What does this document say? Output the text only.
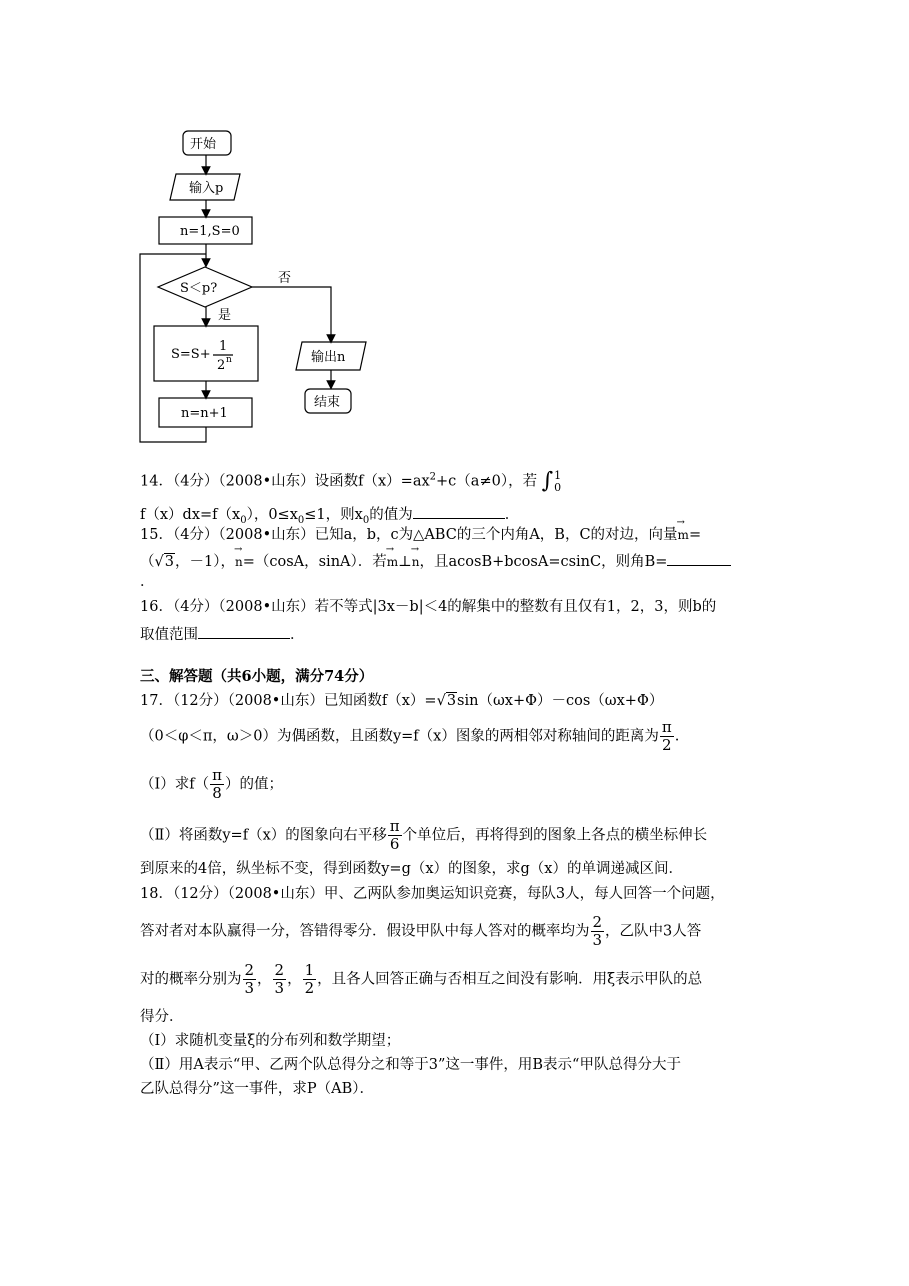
开始
输入p
n=1,S=0
S＜p?
否
是
S=S+
1
2 n
n=n+1
输出n
结束
14．（4分）（2008•山东）设函数$f(x)=ax^2+c(a\ne 0)$，若 ∫ 1
0
$f(x)dx=f(x_0)$，$0\le x_0\le 1$，则$x_0$的值为	．
15．（4分）（2008•山东）已知a，b，c为△ABC的三个内角A，B，C的对边，向量→ m=
（√3，－1），→ n=（cosA，sinA）．若→ m⊥→ n，且acosB+bcosA=csinC，则角B=
．
16．（4分）（2008•山东）若不等式|3x－b|＜4的解集中的整数有且仅有1，2，3，则b的
取值范围	．
三、解答题（共6小题，满分74分）
17．（12分）（2008•山东）已知函数f（x）=√3sin（ωx+Φ）－cos（ωx+Φ）
（0＜φ＜π，ω＞0）为偶函数，且函数y=f（x）图象的两相邻对称轴间的距离为 $\frac{\pi}{2}$ .
（Ⅰ）求$f( \frac{\pi}{8}$ ）的值；
（Ⅱ）将函数y=f（x）的图象向右平移 $\frac{\pi}{6}$ 个单位后，再将得到的图象上各点的横坐标伸长
到原来的4倍，纵坐标不变，得到函数y=g（x）的图象，求g（x）的单调递减区间．
18．（12分）（2008•山东）甲、乙两队参加奥运知识竞赛，每队3人，每人回答一个问题，
答对者对本队赢得一分，答错得零分．假设甲队中每人答对的概率均为 $\frac{2}{3}$ ，乙队中3人答
对的概率分别为 $\frac{2}{3}$ ， $\frac{2}{3}$ ， $\frac{1}{2}$ ，且各人回答正确与否相互之间没有影响．用ξ表示甲队的总
得分．
（Ⅰ）求随机变量ξ的分布列和数学期望；
（Ⅱ）用A表示“甲、乙两个队总得分之和等于3”这一事件，用B表示“甲队总得分大于
乙队总得分”这一事件，求P（AB）．
